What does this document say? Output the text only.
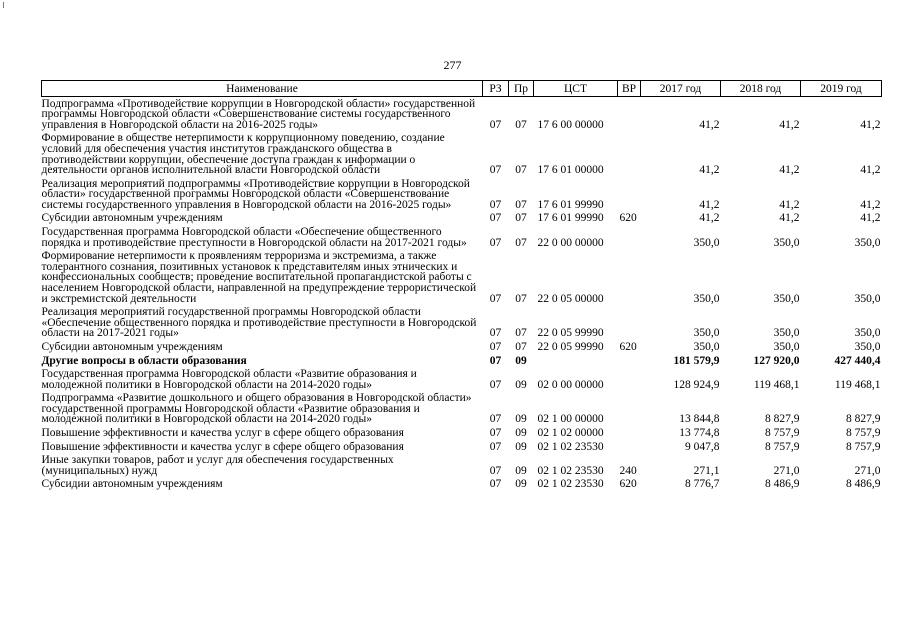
277
Наименование	РЗ	Пр	ЦСТ	ВР	2017 год	2018 год	2019 год
Подпрограмма «Противодействие коррупции в Новгородской области» государственной программы Новгородской области «Совершенствование системы государственного управления в Новгородской области на 2016-2025 годы»	07	07	17 6 00 00000		41,2	41,2	41,2
Формирование в обществе нетерпимости к коррупционному поведению, создание условий для обеспечения участия институтов гражданского общества в противодействии коррупции, обеспечение доступа граждан к информации о деятельности органов исполнительной власти Новгородской области	07	07	17 6 01 00000		41,2	41,2	41,2
Реализация мероприятий подпрограммы «Противодействие коррупции в Новгородской области» государственной программы Новгородской области «Совершенствование системы государственного управления в Новгородской области на 2016-2025 годы»	07	07	17 6 01 99990		41,2	41,2	41,2
Субсидии автономным учреждениям	07	07	17 6 01 99990	620	41,2	41,2	41,2
Государственная программа Новгородской области «Обеспечение общественного порядка и противодействие преступности в Новгородской области на 2017-2021 годы»	07	07	22 0 00 00000		350,0	350,0	350,0
Формирование нетерпимости к проявлениям терроризма и экстремизма, а также толерантного сознания, позитивных установок к представителям иных этнических и конфессиональных сообществ; проведение воспитательной пропагандистской работы с населением Новгородской области, направленной на предупреждение террористической и экстремистской деятельности	07	07	22 0 05 00000		350,0	350,0	350,0
Реализация мероприятий государственной программы Новгородской области «Обеспечение общественного порядка и противодействие преступности в Новгородской области на 2017-2021 годы»	07	07	22 0 05 99990		350,0	350,0	350,0
Субсидии автономным учреждениям	07	07	22 0 05 99990	620	350,0	350,0	350,0
Другие вопросы в области образования	07	09			181 579,9	127 920,0	427 440,4
Государственная программа Новгородской области «Развитие образования и молодежной политики в Новгородской области на 2014-2020 годы»	07	09	02 0 00 00000		128 924,9	119 468,1	119 468,1
Подпрограмма «Развитие дошкольного и общего образования в Новгородской области» государственной программы Новгородской области «Развитие образования и молодежной политики в Новгородской области на 2014-2020 годы»	07	09	02 1 00 00000		13 844,8	8 827,9	8 827,9
Повышение эффективности и качества услуг в сфере общего образования	07	09	02 1 02 00000		13 774,8	8 757,9	8 757,9
Повышение эффективности и качества услуг в сфере общего образования	07	09	02 1 02 23530		9 047,8	8 757,9	8 757,9
Иные закупки товаров, работ и услуг для обеспечения государственных (муниципальных) нужд	07	09	02 1 02 23530	240	271,1	271,0	271,0
Субсидии автономным учреждениям	07	09	02 1 02 23530	620	8 776,7	8 486,9	8 486,9
